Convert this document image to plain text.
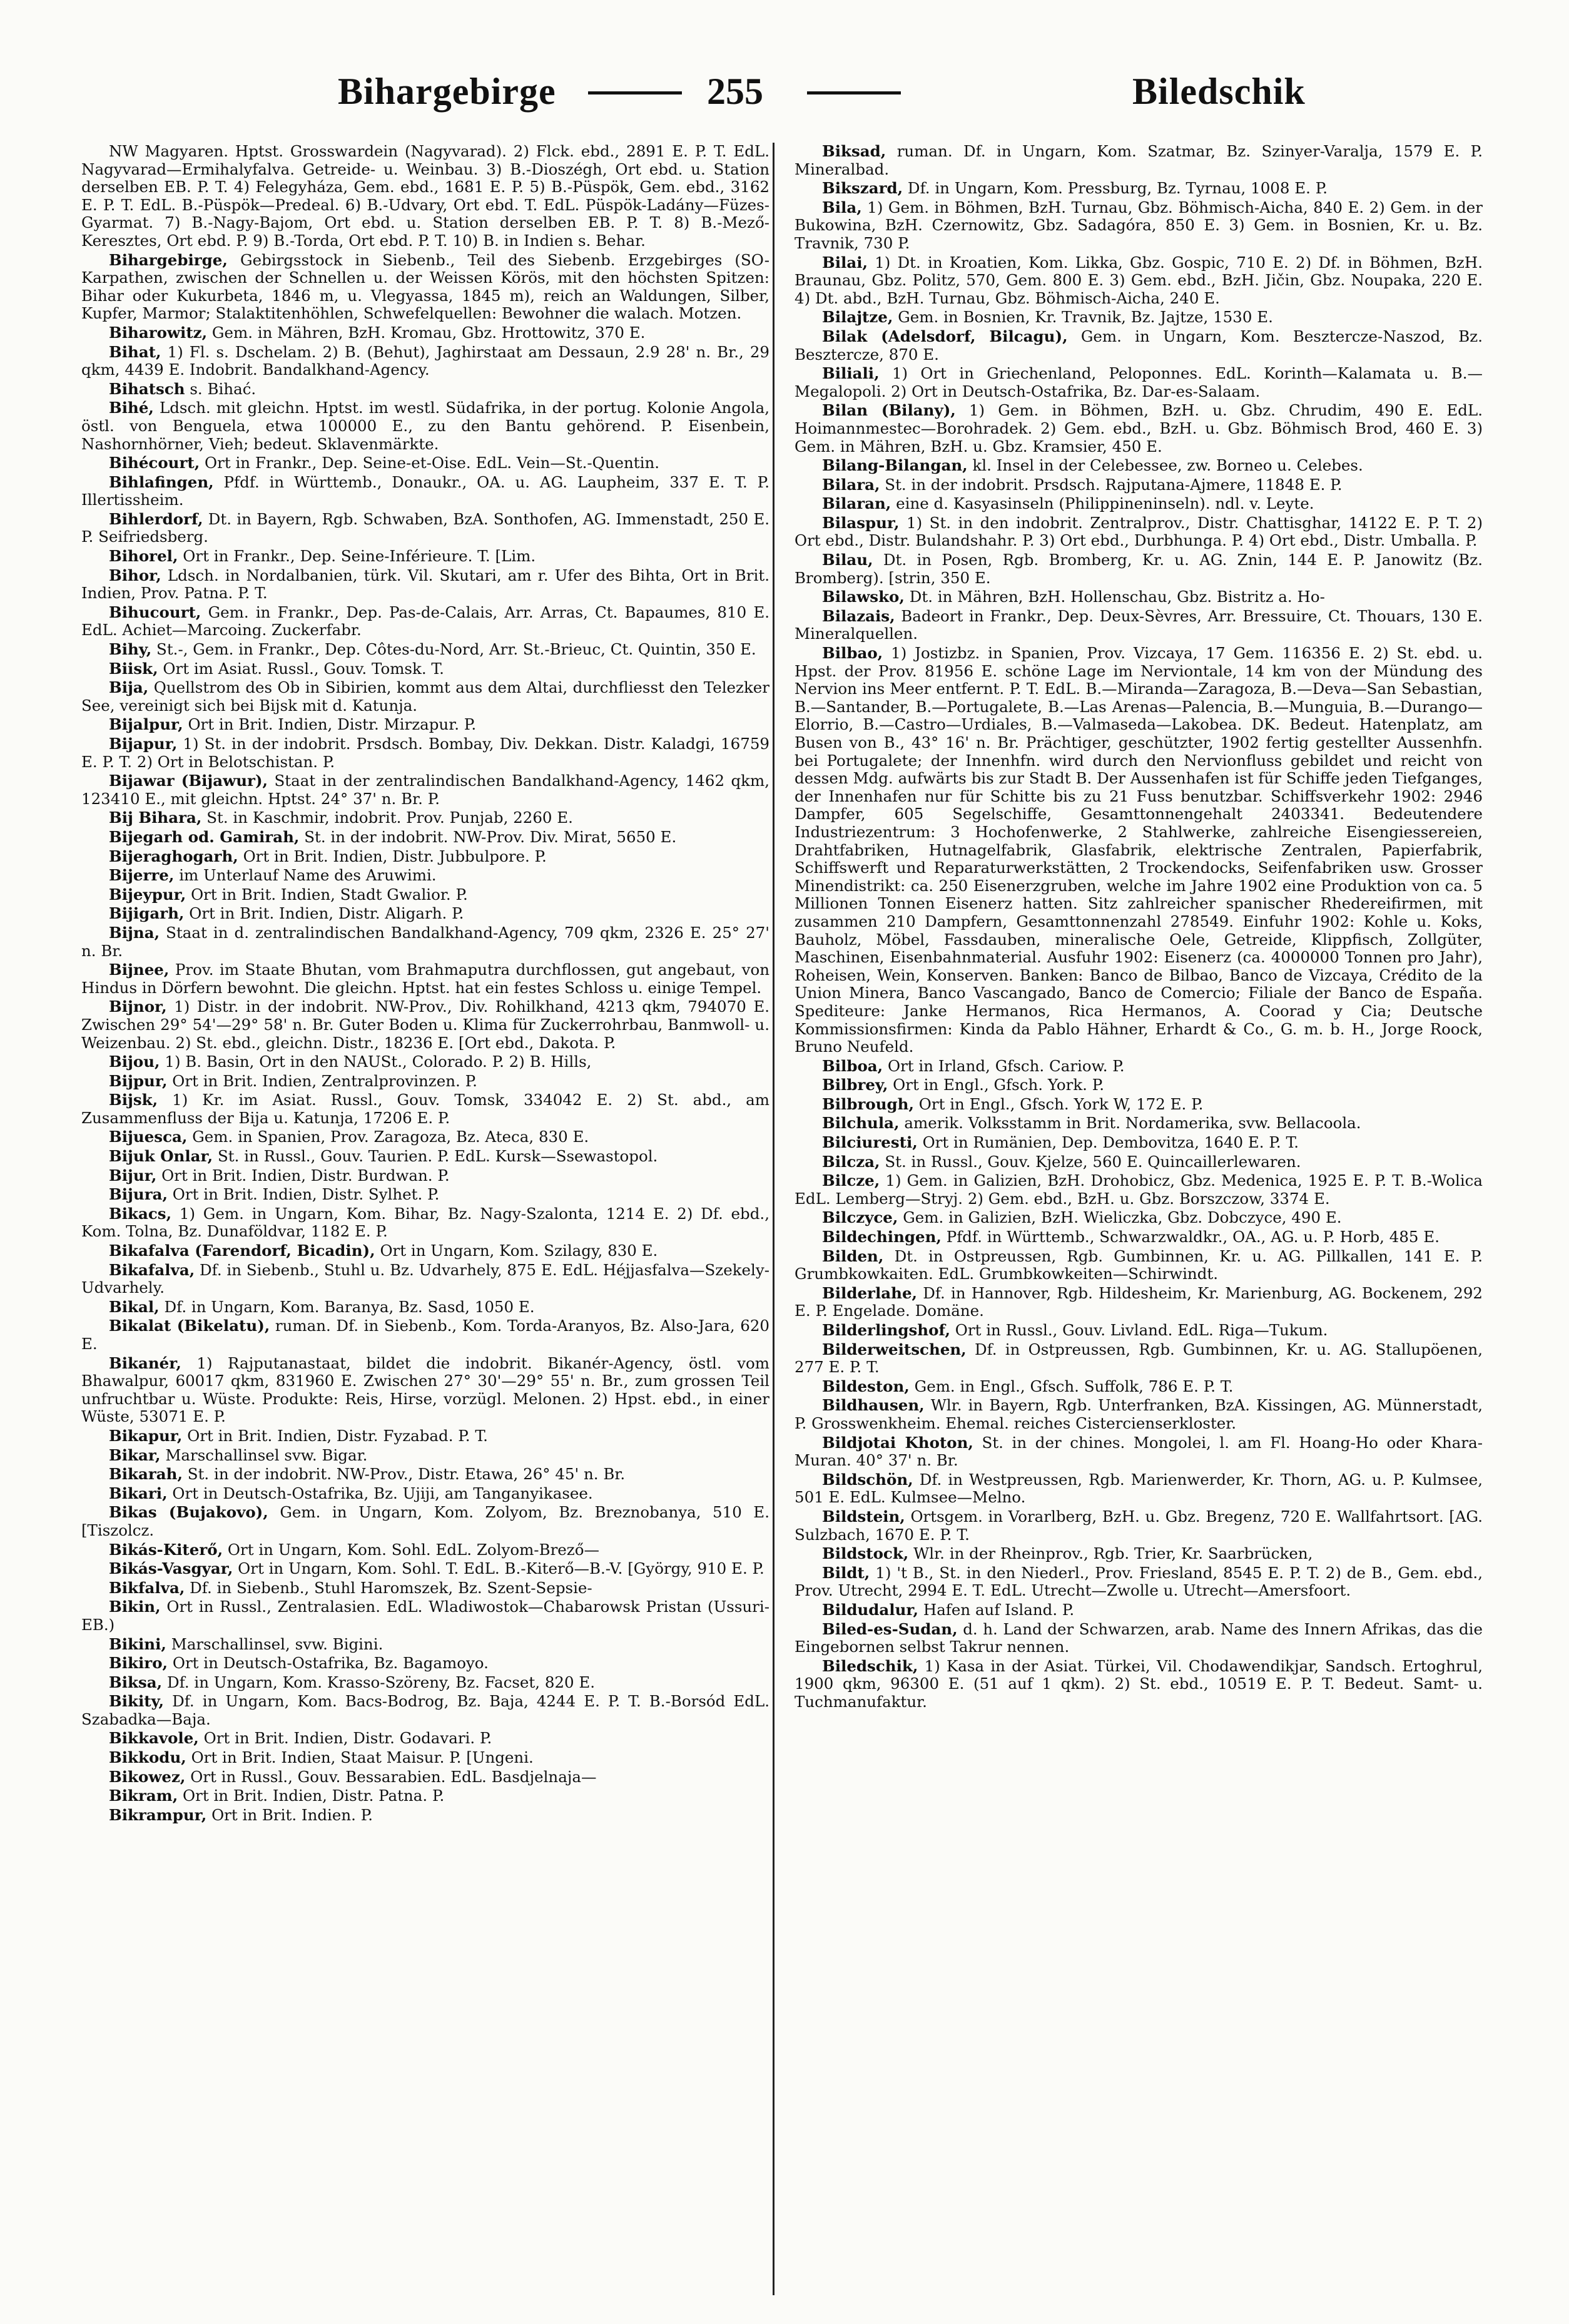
Bihargebirge	255	Biledschik

NW Magyaren. Hptst. Grosswardein (Nagyvarad). 2) Flck. ebd., 2891 E. P. T. EdL. Nagyvarad—Ermihalyfalva. Getreide- u. Weinbau. 3) B.-Dioszégh, Ort ebd. u. Station derselben EB. P. T. 4) Felegyháza, Gem. ebd., 1681 E. P. 5) B.-Püspök, Gem. ebd., 3162 E. P. T. EdL. B.-Püspök—Predeal. 6) B.-Udvary, Ort ebd. T. EdL. Püspök-Ladány—Füzes-Gyarmat. 7) B.-Nagy-Bajom, Ort ebd. u. Station derselben EB. P. T. 8) B.-Mező-Keresztes, Ort ebd. P. 9) B.-Torda, Ort ebd. P. T. 10) B. in Indien s. Behar.

Bihargebirge, Gebirgsstock in Siebenb., Teil des Siebenb. Erzgebirges (SO-Karpathen, zwischen der Schnellen u. der Weissen Körös, mit den höchsten Spitzen: Bihar oder Kukurbeta, 1846 m, u. Vlegyassa, 1845 m), reich an Waldungen, Silber, Kupfer, Marmor; Stalaktitenhöhlen, Schwefelquellen: Bewohner die walach. Motzen.

Biharowitz, Gem. in Mähren, BzH. Kromau, Gbz. Hrottowitz, 370 E.

Bihat, 1) Fl. s. Dschelam. 2) B. (Behut), Jaghirstaat am Dessaun, 2.9 28' n. Br., 29 qkm, 4439 E. Indobrit. Bandalkhand-Agency.

Bihatsch s. Bihać.

Bihé, Ldsch. mit gleichn. Hptst. im westl. Südafrika, in der portug. Kolonie Angola, östl. von Benguela, etwa 100000 E., zu den Bantu gehörend. P. Eisenbein, Nashornhörner, Vieh; bedeut. Sklavenmärkte.

Bihécourt, Ort in Frankr., Dep. Seine-et-Oise. EdL. Vein—St.-Quentin.

Bihlafingen, Pfdf. in Württemb., Donaukr., OA. u. AG. Laupheim, 337 E. T. P. Illertissheim.

Bihlerdorf, Dt. in Bayern, Rgb. Schwaben, BzA. Sonthofen, AG. Immenstadt, 250 E. P. Seifriedsberg.

Bihorel, Ort in Frankr., Dep. Seine-Inférieure. T. [Lim.

Bihor, Ldsch. in Nordalbanien, türk. Vil. Skutari, am r. Ufer des Bihta, Ort in Brit. Indien, Prov. Patna. P. T.

Bihucourt, Gem. in Frankr., Dep. Pas-de-Calais, Arr. Arras, Ct. Bapaumes, 810 E. EdL. Achiet—Marcoing. Zuckerfabr.

Bihy, St.-, Gem. in Frankr., Dep. Côtes-du-Nord, Arr. St.-Brieuc, Ct. Quintin, 350 E.

Biisk, Ort im Asiat. Russl., Gouv. Tomsk. T.

Bija, Quellstrom des Ob in Sibirien, kommt aus dem Altai, durchfliesst den Telezker See, vereinigt sich bei Bijsk mit d. Katunja.

Bijalpur, Ort in Brit. Indien, Distr. Mirzapur. P.

Bijapur, 1) St. in der indobrit. Prsdsch. Bombay, Div. Dekkan. Distr. Kaladgi, 16759 E. P. T. 2) Ort in Belotschistan. P.

Bijawar (Bijawur), Staat in der zentralindischen Bandalkhand-Agency, 1462 qkm, 123410 E., mit gleichn. Hptst. 24° 37' n. Br. P.

Bij Bihara, St. in Kaschmir, indobrit. Prov. Punjab, 2260 E.

Bijegarh od. Gamirah, St. in der indobrit. NW-Prov. Div. Mirat, 5650 E.

Bijeraghogarh, Ort in Brit. Indien, Distr. Jubbulpore. P.

Bijerre, im Unterlauf Name des Aruwimi.

Bijeypur, Ort in Brit. Indien, Stadt Gwalior. P.

Bijigarh, Ort in Brit. Indien, Distr. Aligarh. P.

Bijna, Staat in d. zentralindischen Bandalkhand-Agency, 709 qkm, 2326 E. 25° 27' n. Br.

Bijnee, Prov. im Staate Bhutan, vom Brahmaputra durchflossen, gut angebaut, von Hindus in Dörfern bewohnt. Die gleichn. Hptst. hat ein festes Schloss u. einige Tempel.

Bijnor, 1) Distr. in der indobrit. NW-Prov., Div. Rohilkhand, 4213 qkm, 794070 E. Zwischen 29° 54'—29° 58' n. Br. Guter Boden u. Klima für Zuckerrohrbau, Banmwoll- u. Weizenbau. 2) St. ebd., gleichn. Distr., 18236 E. [Ort ebd., Dakota. P.

Bijou, 1) B. Basin, Ort in den NAUSt., Colorado. P. 2) B. Hills,

Bijpur, Ort in Brit. Indien, Zentralprovinzen. P.

Bijsk, 1) Kr. im Asiat. Russl., Gouv. Tomsk, 334042 E. 2) St. abd., am Zusammenfluss der Bija u. Katunja, 17206 E. P.

Bijuesca, Gem. in Spanien, Prov. Zaragoza, Bz. Ateca, 830 E.

Bijuk Onlar, St. in Russl., Gouv. Taurien. P. EdL. Kursk—Ssewastopol.

Bijur, Ort in Brit. Indien, Distr. Burdwan. P.

Bijura, Ort in Brit. Indien, Distr. Sylhet. P.

Bikacs, 1) Gem. in Ungarn, Kom. Bihar, Bz. Nagy-Szalonta, 1214 E. 2) Df. ebd., Kom. Tolna, Bz. Dunaföldvar, 1182 E. P.

Bikafalva (Farendorf, Bicadin), Ort in Ungarn, Kom. Szilagy, 830 E.

Bikafalva, Df. in Siebenb., Stuhl u. Bz. Udvarhely, 875 E. EdL. Héjjasfalva—Szekely-Udvarhely.

Bikal, Df. in Ungarn, Kom. Baranya, Bz. Sasd, 1050 E.

Bikalat (Bikelatu), ruman. Df. in Siebenb., Kom. Torda-Aranyos, Bz. Also-Jara, 620 E.

Bikanér, 1) Rajputanastaat, bildet die indobrit. Bikanér-Agency, östl. vom Bhawalpur, 60017 qkm, 831960 E. Zwischen 27° 30'—29° 55' n. Br., zum grossen Teil unfruchtbar u. Wüste. Produkte: Reis, Hirse, vorzügl. Melonen. 2) Hpst. ebd., in einer Wüste, 53071 E. P.

Bikapur, Ort in Brit. Indien, Distr. Fyzabad. P. T.

Bikar, Marschallinsel svw. Bigar.

Bikarah, St. in der indobrit. NW-Prov., Distr. Etawa, 26° 45' n. Br.

Bikari, Ort in Deutsch-Ostafrika, Bz. Ujiji, am Tanganyikasee.

Bikas (Bujakovo), Gem. in Ungarn, Kom. Zolyom, Bz. Breznobanya, 510 E. [Tiszolcz.

Bikás-Kiterő, Ort in Ungarn, Kom. Sohl. EdL. Zolyom-Brező—

Bikás-Vasgyar, Ort in Ungarn, Kom. Sohl. T. EdL. B.-Kiterő—B.-V. [György, 910 E. P.

Bikfalva, Df. in Siebenb., Stuhl Haromszek, Bz. Szent-Sepsie-

Bikin, Ort in Russl., Zentralasien. EdL. Wladiwostok—Chabarowsk Pristan (Ussuri-EB.)

Bikini, Marschallinsel, svw. Bigini.

Bikiro, Ort in Deutsch-Ostafrika, Bz. Bagamoyo.

Biksa, Df. in Ungarn, Kom. Krasso-Szöreny, Bz. Facset, 820 E.

Bikity, Df. in Ungarn, Kom. Bacs-Bodrog, Bz. Baja, 4244 E. P. T. B.-Borsód EdL. Szabadka—Baja.

Bikkavole, Ort in Brit. Indien, Distr. Godavari. P.

Bikkodu, Ort in Brit. Indien, Staat Maisur. P. [Ungeni.

Bikowez, Ort in Russl., Gouv. Bessarabien. EdL. Basdjelnaja—

Bikram, Ort in Brit. Indien, Distr. Patna. P.

Bikrampur, Ort in Brit. Indien. P.

Biksad, ruman. Df. in Ungarn, Kom. Szatmar, Bz. Szinyer-Varalja, 1579 E. P. Mineralbad.

Bikszard, Df. in Ungarn, Kom. Pressburg, Bz. Tyrnau, 1008 E. P.

Bila, 1) Gem. in Böhmen, BzH. Turnau, Gbz. Böhmisch-Aicha, 840 E. 2) Gem. in der Bukowina, BzH. Czernowitz, Gbz. Sadagóra, 850 E. 3) Gem. in Bosnien, Kr. u. Bz. Travnik, 730 P.

Bilai, 1) Dt. in Kroatien, Kom. Likka, Gbz. Gospic, 710 E. 2) Df. in Böhmen, BzH. Braunau, Gbz. Politz, 570, Gem. 800 E. 3) Gem. ebd., BzH. Jičin, Gbz. Noupaka, 220 E. 4) Dt. abd., BzH. Turnau, Gbz. Böhmisch-Aicha, 240 E.

Bilajtze, Gem. in Bosnien, Kr. Travnik, Bz. Jajtze, 1530 E.

Bilak (Adelsdorf, Bilcagu), Gem. in Ungarn, Kom. Besztercze-Naszod, Bz. Besztercze, 870 E.

Biliali, 1) Ort in Griechenland, Peloponnes. EdL. Korinth—Kalamata u. B.—Megalopoli. 2) Ort in Deutsch-Ostafrika, Bz. Dar-es-Salaam.

Bilan (Bilany), 1) Gem. in Böhmen, BzH. u. Gbz. Chrudim, 490 E. EdL. Hoimannmestec—Borohradek. 2) Gem. ebd., BzH. u. Gbz. Böhmisch Brod, 460 E. 3) Gem. in Mähren, BzH. u. Gbz. Kramsier, 450 E.

Bilang-Bilangan, kl. Insel in der Celebessee, zw. Borneo u. Celebes.

Bilara, St. in der indobrit. Prsdsch. Rajputana-Ajmere, 11848 E. P.

Bilaran, eine d. Kasyasinseln (Philippineninseln). ndl. v. Leyte.

Bilaspur, 1) St. in den indobrit. Zentralprov., Distr. Chattisghar, 14122 E. P. T. 2) Ort ebd., Distr. Bulandshahr. P. 3) Ort ebd., Durbhunga. P. 4) Ort ebd., Distr. Umballa. P.

Bilau, Dt. in Posen, Rgb. Bromberg, Kr. u. AG. Znin, 144 E. P. Janowitz (Bz. Bromberg). [strin, 350 E.

Bilawsko, Dt. in Mähren, BzH. Hollenschau, Gbz. Bistritz a. Ho-

Bilazais, Badeort in Frankr., Dep. Deux-Sèvres, Arr. Bressuire, Ct. Thouars, 130 E. Mineralquellen.

Bilbao, 1) Jostizbz. in Spanien, Prov. Vizcaya, 17 Gem. 116356 E. 2) St. ebd. u. Hpst. der Prov. 81956 E. schöne Lage im Nerviontale, 14 km von der Mündung des Nervion ins Meer entfernt. P. T. EdL. B.—Miranda—Zaragoza, B.—Deva—San Sebastian, B.—Santander, B.—Portugalete, B.—Las Arenas—Palencia, B.—Munguia, B.—Durango—Elorrio, B.—Castro—Urdiales, B.—Valmaseda—Lakobea. DK. Bedeut. Hatenplatz, am Busen von B., 43° 16' n. Br. Prächtiger, geschützter, 1902 fertig gestellter Aussenhfn. bei Portugalete; der Innenhfn. wird durch den Nervionfluss gebildet und reicht von dessen Mdg. aufwärts bis zur Stadt B. Der Aussenhafen ist für Schiffe jeden Tiefganges, der Innenhafen nur für Schitte bis zu 21 Fuss benutzbar. Schiffsverkehr 1902: 2946 Dampfer, 605 Segelschiffe, Gesamttonnengehalt 2403341. Bedeutendere Industriezentrum: 3 Hochofenwerke, 2 Stahlwerke, zahlreiche Eisengiessereien, Drahtfabriken, Hutnagelfabrik, Glasfabrik, elektrische Zentralen, Papierfabrik, Schiffswerft und Reparaturwerkstätten, 2 Trockendocks, Seifenfabriken usw. Grosser Minendistrikt: ca. 250 Eisenerzgruben, welche im Jahre 1902 eine Produktion von ca. 5 Millionen Tonnen Eisenerz hatten. Sitz zahlreicher spanischer Rhedereifirmen, mit zusammen 210 Dampfern, Gesamttonnenzahl 278549. Einfuhr 1902: Kohle u. Koks, Bauholz, Möbel, Fassdauben, mineralische Oele, Getreide, Klippfisch, Zollgüter, Maschinen, Eisenbahnmaterial. Ausfuhr 1902: Eisenerz (ca. 4000000 Tonnen pro Jahr), Roheisen, Wein, Konserven. Banken: Banco de Bilbao, Banco de Vizcaya, Crédito de la Union Minera, Banco Vascangado, Banco de Comercio; Filiale der Banco de España. Spediteure: Janke Hermanos, Rica Hermanos, A. Coorad y Cia; Deutsche Kommissionsfirmen: Kinda da Pablo Hähner, Erhardt & Co., G. m. b. H., Jorge Roock, Bruno Neufeld.

Bilboa, Ort in Irland, Gfsch. Cariow. P.

Bilbrey, Ort in Engl., Gfsch. York. P.

Bilbrough, Ort in Engl., Gfsch. York W, 172 E. P.

Bilchula, amerik. Volksstamm in Brit. Nordamerika, svw. Bellacoola.

Bilciuresti, Ort in Rumänien, Dep. Dembovitza, 1640 E. P. T.

Bilcza, St. in Russl., Gouv. Kjelze, 560 E. Quincaillerlewaren.

Bilcze, 1) Gem. in Galizien, BzH. Drohobicz, Gbz. Medenica, 1925 E. P. T. B.-Wolica EdL. Lemberg—Stryj. 2) Gem. ebd., BzH. u. Gbz. Borszczow, 3374 E.

Bilczyce, Gem. in Galizien, BzH. Wieliczka, Gbz. Dobczyce, 490 E.

Bildechingen, Pfdf. in Württemb., Schwarzwaldkr., OA., AG. u. P. Horb, 485 E.

Bilden, Dt. in Ostpreussen, Rgb. Gumbinnen, Kr. u. AG. Pillkallen, 141 E. P. Grumbkowkaiten. EdL. Grumbkowkeiten—Schirwindt.

Bilderlahe, Df. in Hannover, Rgb. Hildesheim, Kr. Marienburg, AG. Bockenem, 292 E. P. Engelade. Domäne.

Bilderlingshof, Ort in Russl., Gouv. Livland. EdL. Riga—Tukum.

Bilderweitschen, Df. in Ostpreussen, Rgb. Gumbinnen, Kr. u. AG. Stallupöenen, 277 E. P. T.

Bildeston, Gem. in Engl., Gfsch. Suffolk, 786 E. P. T.

Bildhausen, Wlr. in Bayern, Rgb. Unterfranken, BzA. Kissingen, AG. Münnerstadt, P. Grosswenkheim. Ehemal. reiches Cistercienserkloster.

Bildjotai Khoton, St. in der chines. Mongolei, l. am Fl. Hoang-Ho oder Khara-Muran. 40° 37' n. Br.

Bildschön, Df. in Westpreussen, Rgb. Marienwerder, Kr. Thorn, AG. u. P. Kulmsee, 501 E. EdL. Kulmsee—Melno.

Bildstein, Ortsgem. in Vorarlberg, BzH. u. Gbz. Bregenz, 720 E. Wallfahrtsort. [AG. Sulzbach, 1670 E. P. T.

Bildstock, Wlr. in der Rheinprov., Rgb. Trier, Kr. Saarbrücken,

Bildt, 1) 't B., St. in den Niederl., Prov. Friesland, 8545 E. P. T. 2) de B., Gem. ebd., Prov. Utrecht, 2994 E. T. EdL. Utrecht—Zwolle u. Utrecht—Amersfoort.

Bildudalur, Hafen auf Island. P.

Biled-es-Sudan, d. h. Land der Schwarzen, arab. Name des Innern Afrikas, das die Eingebornen selbst Takrur nennen.

Biledschik, 1) Kasa in der Asiat. Türkei, Vil. Chodawendikjar, Sandsch. Ertoghrul, 1900 qkm, 96300 E. (51 auf 1 qkm). 2) St. ebd., 10519 E. P. T. Bedeut. Samt- u. Tuchmanufaktur.
